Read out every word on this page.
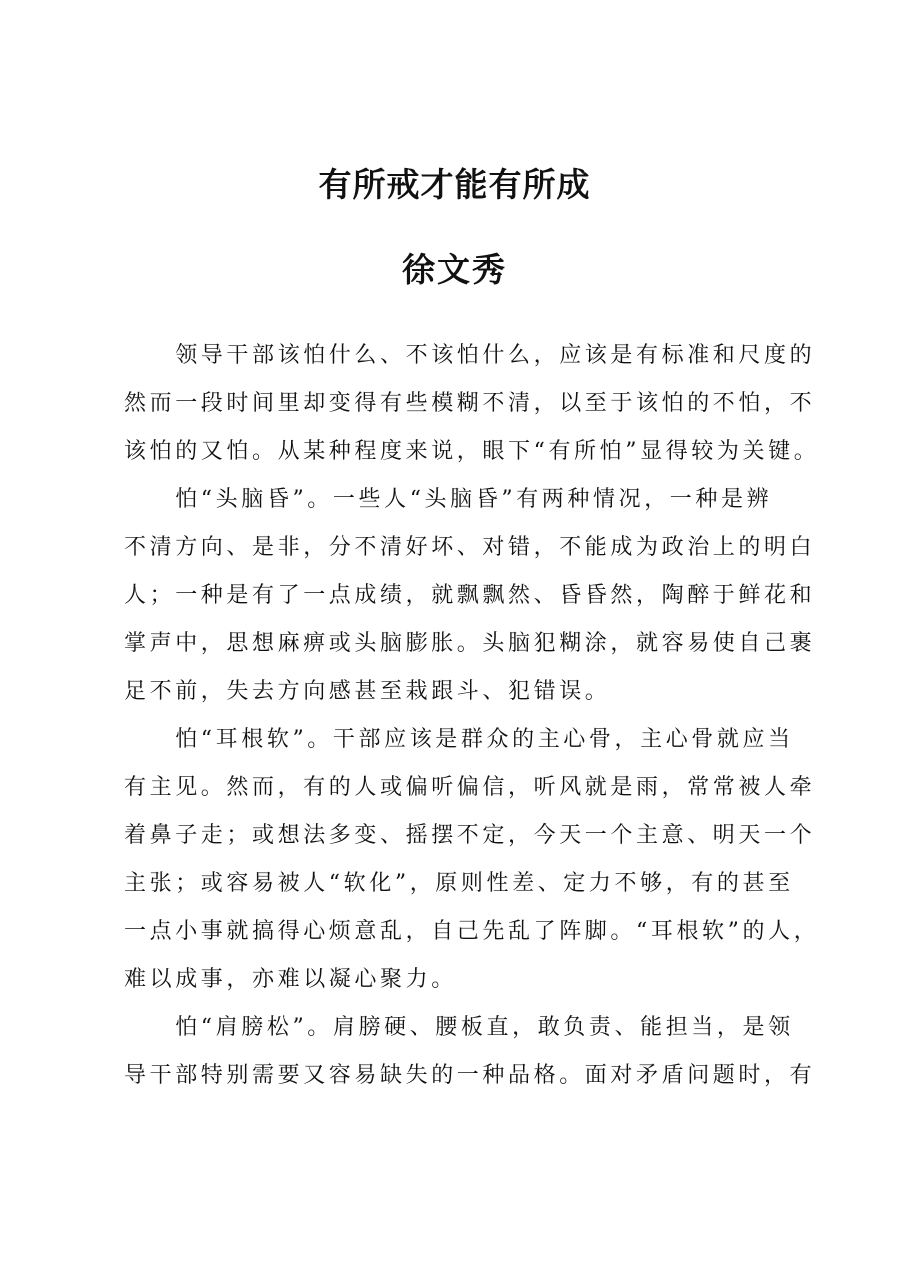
有所戒才能有所成
徐文秀

　　领导干部该怕什么、不该怕什么，应该是有标准和尺度的

然而一段时间里却变得有些模糊不清，以至于该怕的不怕，不

该怕的又怕。从某种程度来说，眼下“有所怕”显得较为关键。

　　怕“头脑昏”。一些人“头脑昏”有两种情况，一种是辨

不清方向、是非，分不清好坏、对错，不能成为政治上的明白

人；一种是有了一点成绩，就飘飘然、昏昏然，陶醉于鲜花和

掌声中，思想麻痹或头脑膨胀。头脑犯糊涂，就容易使自己裹

足不前，失去方向感甚至栽跟斗、犯错误。

　　怕“耳根软”。干部应该是群众的主心骨，主心骨就应当

有主见。然而，有的人或偏听偏信，听风就是雨，常常被人牵

着鼻子走；或想法多变、摇摆不定，今天一个主意、明天一个

主张；或容易被人“软化”，原则性差、定力不够，有的甚至

一点小事就搞得心烦意乱，自己先乱了阵脚。“耳根软”的人，

难以成事，亦难以凝心聚力。

　　怕“肩膀松”。肩膀硬、腰板直，敢负责、能担当，是领

导干部特别需要又容易缺失的一种品格。面对矛盾问题时，有
